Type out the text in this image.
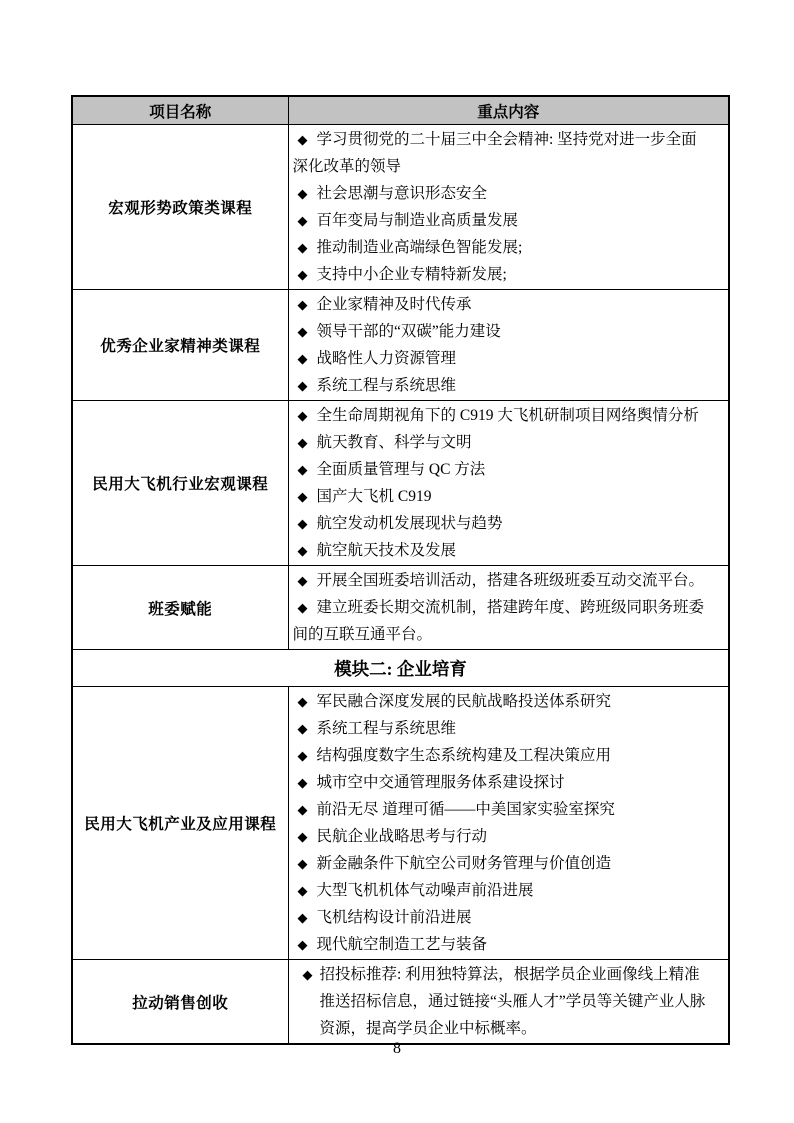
项目名称	重点内容
宏观形势政策类课程	◆ 学习贯彻党的二十届三中全会精神: 坚持党对进一步全面深化改革的领导
◆ 社会思潮与意识形态安全
◆ 百年变局与制造业高质量发展
◆ 推动制造业高端绿色智能发展;
◆ 支持中小企业专精特新发展;

优秀企业家精神类课程	◆ 企业家精神及时代传承
◆ 领导干部的“双碳”能力建设
◆ 战略性人力资源管理
◆ 系统工程与系统思维

民用大飞机行业宏观课程	
◆ 全生命周期视角下的 C919 大飞机研制项目网络舆情分析
◆ 航天教育、科学与文明
◆ 全面质量管理与 QC 方法
◆ 国产大飞机 C919
◆ 航空发动机发展现状与趋势
◆ 航空航天技术及发展

班委赋能	◆ 开展全国班委培训活动，搭建各班级班委互动交流平台。
◆ 建立班委长期交流机制，搭建跨年度、跨班级同职务班委间的互联互通平台。

模块二: 企业培育	
民用大飞机产业及应用课程	
◆ 军民融合深度发展的民航战略投送体系研究
◆ 系统工程与系统思维
◆ 结构强度数字生态系统构建及工程决策应用
◆ 城市空中交通管理服务体系建设探讨
◆ 前沿无尽 道理可循——中美国家实验室探究
◆ 民航企业战略思考与行动
◆ 新金融条件下航空公司财务管理与价值创造
◆ 大型飞机机体气动噪声前沿进展
◆ 飞机结构设计前沿进展
◆ 现代航空制造工艺与装备

拉动销售创收	◆ 招投标推荐: 利用独特算法，根据学员企业画像线上精准推送招标信息，通过链接“头雁人才”学员等关键产业人脉资源，提高学员企业中标概率。
8
